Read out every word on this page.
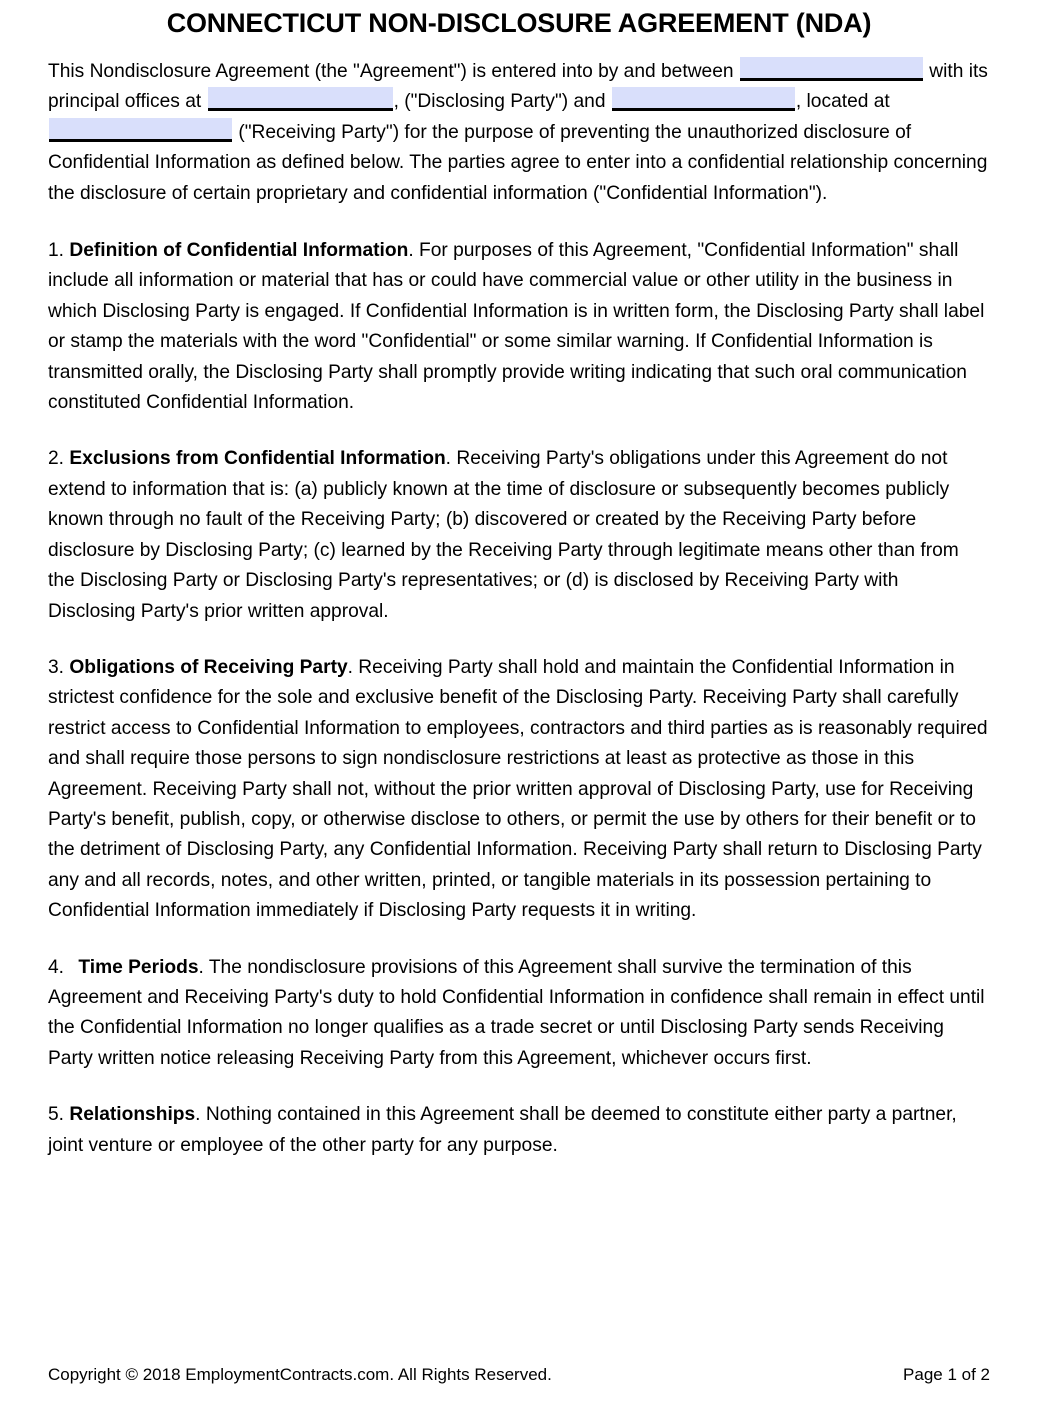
CONNECTICUT NON-DISCLOSURE AGREEMENT (NDA)

This Nondisclosure Agreement (the "Agreement") is entered into by and between	with its principal offices at	, ("Disclosing Party") and	, located at  ("Receiving Party") for the purpose of preventing the unauthorized disclosure of Confidential Information as defined below. The parties agree to enter into a confidential relationship concerning the disclosure of certain proprietary and confidential information ("Confidential Information").

1. Definition of Confidential Information. For purposes of this Agreement, "Confidential Information" shall include all information or material that has or could have commercial value or other utility in the business in which Disclosing Party is engaged. If Confidential Information is in written form, the Disclosing Party shall label or stamp the materials with the word "Confidential" or some similar warning. If Confidential Information is transmitted orally, the Disclosing Party shall promptly provide writing indicating that such oral communication constituted Confidential Information.

2. Exclusions from Confidential Information. Receiving Party's obligations under this Agreement do not extend to information that is: (a) publicly known at the time of disclosure or subsequently becomes publicly known through no fault of the Receiving Party; (b) discovered or created by the Receiving Party before disclosure by Disclosing Party; (c) learned by the Receiving Party through legitimate means other than from the Disclosing Party or Disclosing Party's representatives; or (d) is disclosed by Receiving Party with Disclosing Party's prior written approval.

3. Obligations of Receiving Party. Receiving Party shall hold and maintain the Confidential Information in strictest confidence for the sole and exclusive benefit of the Disclosing Party. Receiving Party shall carefully restrict access to Confidential Information to employees, contractors and third parties as is reasonably required and shall require those persons to sign nondisclosure restrictions at least as protective as those in this Agreement. Receiving Party shall not, without the prior written approval of Disclosing Party, use for Receiving Party's benefit, publish, copy, or otherwise disclose to others, or permit the use by others for their benefit or to the detriment of Disclosing Party, any Confidential Information. Receiving Party shall return to Disclosing Party any and all records, notes, and other written, printed, or tangible materials in its possession pertaining to Confidential Information immediately if Disclosing Party requests it in writing.

4. Time Periods. The nondisclosure provisions of this Agreement shall survive the termination of this Agreement and Receiving Party's duty to hold Confidential Information in confidence shall remain in effect until the Confidential Information no longer qualifies as a trade secret or until Disclosing Party sends Receiving Party written notice releasing Receiving Party from this Agreement, whichever occurs first.

5. Relationships. Nothing contained in this Agreement shall be deemed to constitute either party a partner, joint venture or employee of the other party for any purpose.

Copyright © 2018 EmploymentContracts.com. All Rights Reserved.	Page 1 of 2
